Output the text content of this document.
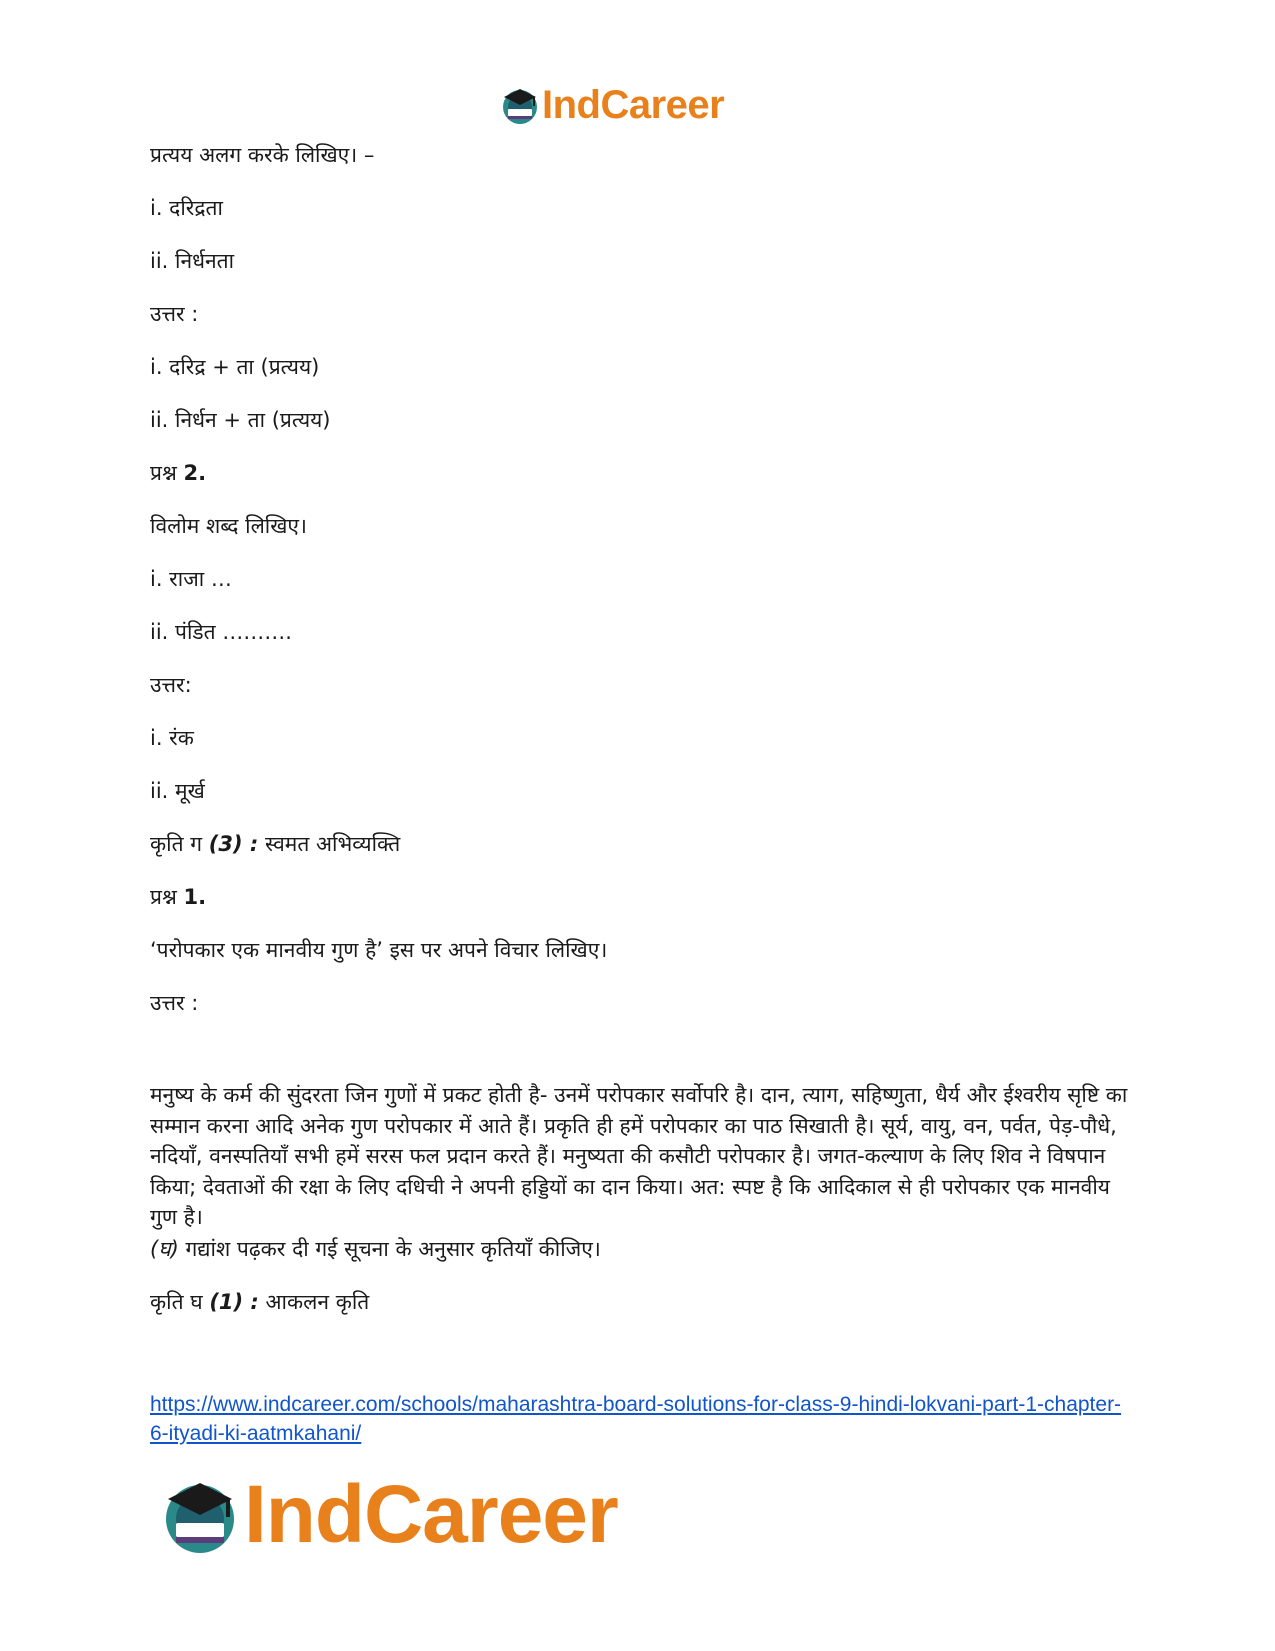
IndCareer
प्रत्यय अलग करके लिखिए। –
i. दरिद्रता
ii. निर्धनता
उत्तर :
i. दरिद्र + ता (प्रत्यय)
ii. निर्धन + ता (प्रत्यय)
प्रश्न 2.
विलोम शब्द लिखिए।
i. राजा …
ii. पंडित ……….
उत्तर:
i. रंक
ii. मूर्ख
कृति ग (3) : स्वमत अभिव्यक्ति
प्रश्न 1.
‘परोपकार एक मानवीय गुण है’ इस पर अपने विचार लिखिए।
उत्तर :
मनुष्य के कर्म की सुंदरता जिन गुणों में प्रकट होती है- उनमें परोपकार सर्वोपरि है। दान, त्याग, सहिष्णुता, धैर्य और ईश्वरीय सृष्टि का सम्मान करना आदि अनेक गुण परोपकार में आते हैं। प्रकृति ही हमें परोपकार का पाठ सिखाती है। सूर्य, वायु, वन, पर्वत, पेड़-पौधे, नदियाँ, वनस्पतियाँ सभी हमें सरस फल प्रदान करते हैं। मनुष्यता की कसौटी परोपकार है। जगत-कल्याण के लिए शिव ने विषपान किया; देवताओं की रक्षा के लिए दधिची ने अपनी हड्डियों का दान किया। अत: स्पष्ट है कि आदिकाल से ही परोपकार एक मानवीय गुण है।
(घ) गद्यांश पढ़कर दी गई सूचना के अनुसार कृतियाँ कीजिए।
कृति घ (1) : आकलन कृति
https://www.indcareer.com/schools/maharashtra-board-solutions-for-class-9-hindi-lokvani-part-1-chapter-6-ityadi-ki-aatmkahani/
IndCareer
